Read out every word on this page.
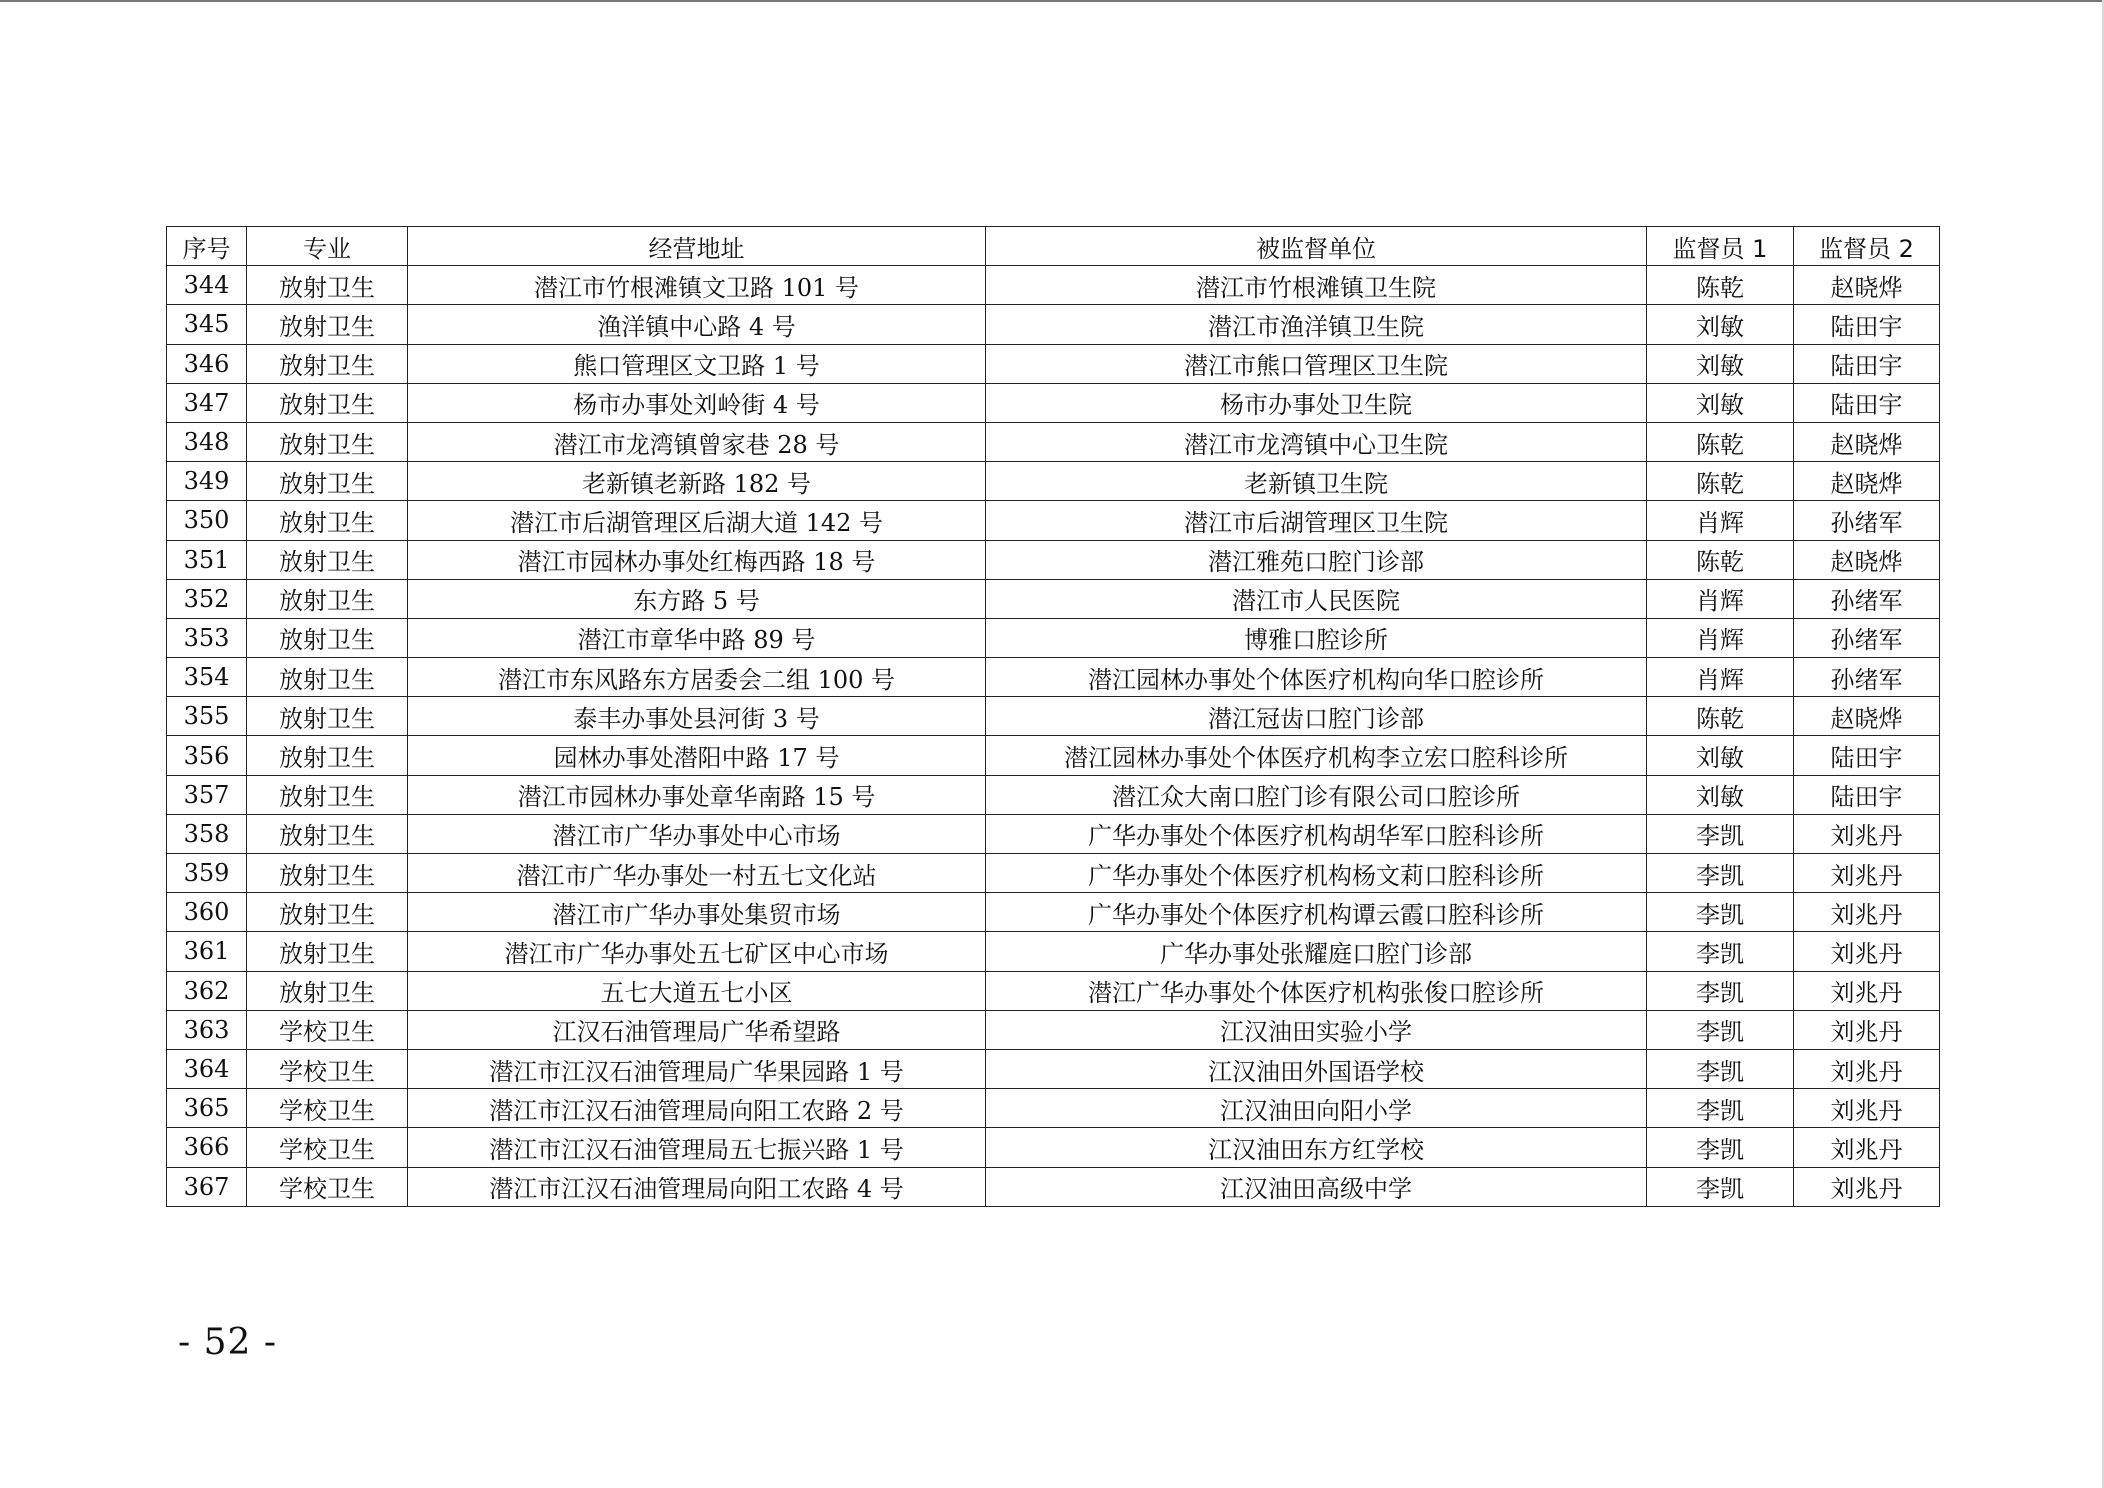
序号	专业	经营地址	被监督单位	监督员 1	监督员 2
344	放射卫生	潜江市竹根滩镇文卫路 101 号	潜江市竹根滩镇卫生院	陈乾	赵晓烨
345	放射卫生	渔洋镇中心路 4 号	潜江市渔洋镇卫生院	刘敏	陆田宇
346	放射卫生	熊口管理区文卫路 1 号	潜江市熊口管理区卫生院	刘敏	陆田宇
347	放射卫生	杨市办事处刘岭街 4 号	杨市办事处卫生院	刘敏	陆田宇
348	放射卫生	潜江市龙湾镇曾家巷 28 号	潜江市龙湾镇中心卫生院	陈乾	赵晓烨
349	放射卫生	老新镇老新路 182 号	老新镇卫生院	陈乾	赵晓烨
350	放射卫生	潜江市后湖管理区后湖大道 142 号	潜江市后湖管理区卫生院	肖辉	孙绪军
351	放射卫生	潜江市园林办事处红梅西路 18 号	潜江雅苑口腔门诊部	陈乾	赵晓烨
352	放射卫生	东方路 5 号	潜江市人民医院	肖辉	孙绪军
353	放射卫生	潜江市章华中路 89 号	博雅口腔诊所	肖辉	孙绪军
354	放射卫生	潜江市东风路东方居委会二组 100 号	潜江园林办事处个体医疗机构向华口腔诊所	肖辉	孙绪军
355	放射卫生	泰丰办事处县河街 3 号	潜江冠齿口腔门诊部	陈乾	赵晓烨
356	放射卫生	园林办事处潜阳中路 17 号	潜江园林办事处个体医疗机构李立宏口腔科诊所	刘敏	陆田宇
357	放射卫生	潜江市园林办事处章华南路 15 号	潜江众大南口腔门诊有限公司口腔诊所	刘敏	陆田宇
358	放射卫生	潜江市广华办事处中心市场	广华办事处个体医疗机构胡华军口腔科诊所	李凯	刘兆丹
359	放射卫生	潜江市广华办事处一村五七文化站	广华办事处个体医疗机构杨文莉口腔科诊所	李凯	刘兆丹
360	放射卫生	潜江市广华办事处集贸市场	广华办事处个体医疗机构谭云霞口腔科诊所	李凯	刘兆丹
361	放射卫生	潜江市广华办事处五七矿区中心市场	广华办事处张耀庭口腔门诊部	李凯	刘兆丹
362	放射卫生	五七大道五七小区	潜江广华办事处个体医疗机构张俊口腔诊所	李凯	刘兆丹
363	学校卫生	江汉石油管理局广华希望路	江汉油田实验小学	李凯	刘兆丹
364	学校卫生	潜江市江汉石油管理局广华果园路 1 号	江汉油田外国语学校	李凯	刘兆丹
365	学校卫生	潜江市江汉石油管理局向阳工农路 2 号	江汉油田向阳小学	李凯	刘兆丹
366	学校卫生	潜江市江汉石油管理局五七振兴路 1 号	江汉油田东方红学校	李凯	刘兆丹
367	学校卫生	潜江市江汉石油管理局向阳工农路 4 号	江汉油田高级中学	李凯	刘兆丹
- 52 -
